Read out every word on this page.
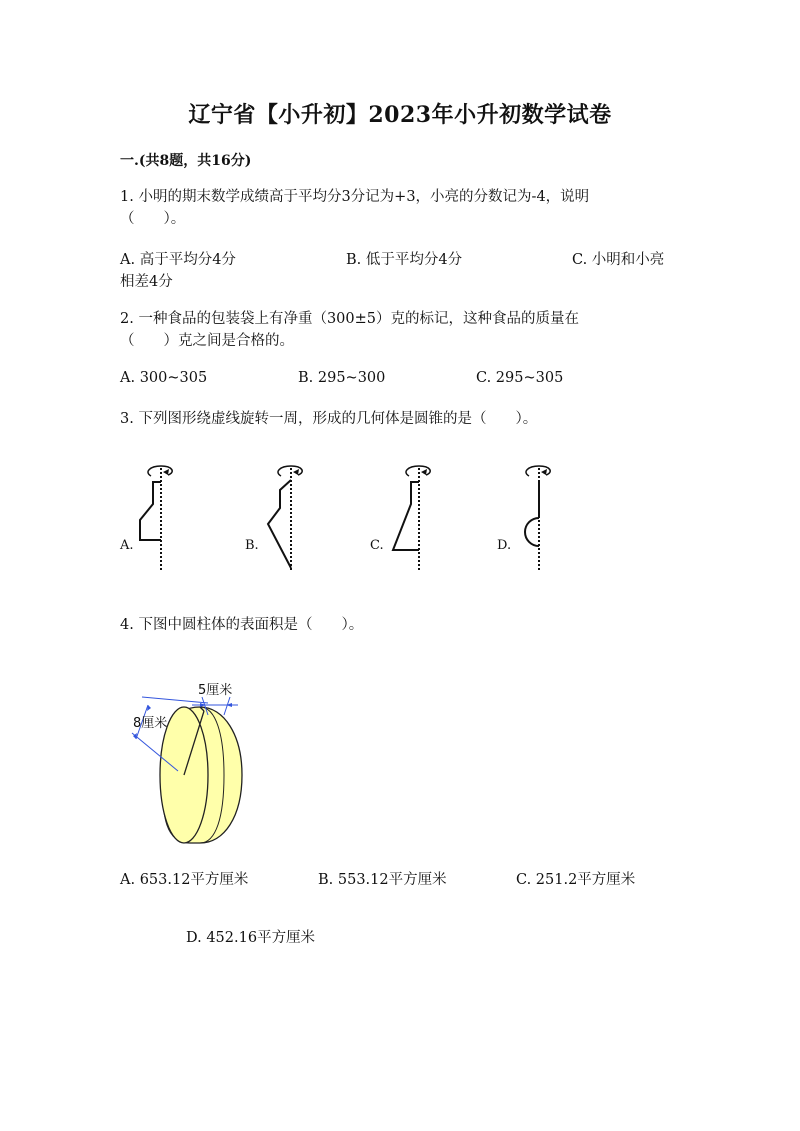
辽宁省【小升初】2023年小升初数学试卷
一.(共8题，共16分)
1. 小明的期末数学成绩高于平均分3分记为+3，小亮的分数记为-4，说明
（　　）。
A. 高于平均分4分	B. 低于平均分4分	C. 小明和小亮
相差4分
2. 一种食品的包装袋上有净重（300±5）克的标记，这种食品的质量在
（　　）克之间是合格的。
A. 300~305	B. 295~300	C. 295~305
3. 下列图形绕虚线旋转一周，形成的几何体是圆锥的是（　　）。
A.	B.	C.	D.
4. 下图中圆柱体的表面积是（　　）。
5厘米
8厘米
A. 653.12平方厘米	B. 553.12平方厘米	C. 251.2平方厘米
D. 452.16平方厘米
